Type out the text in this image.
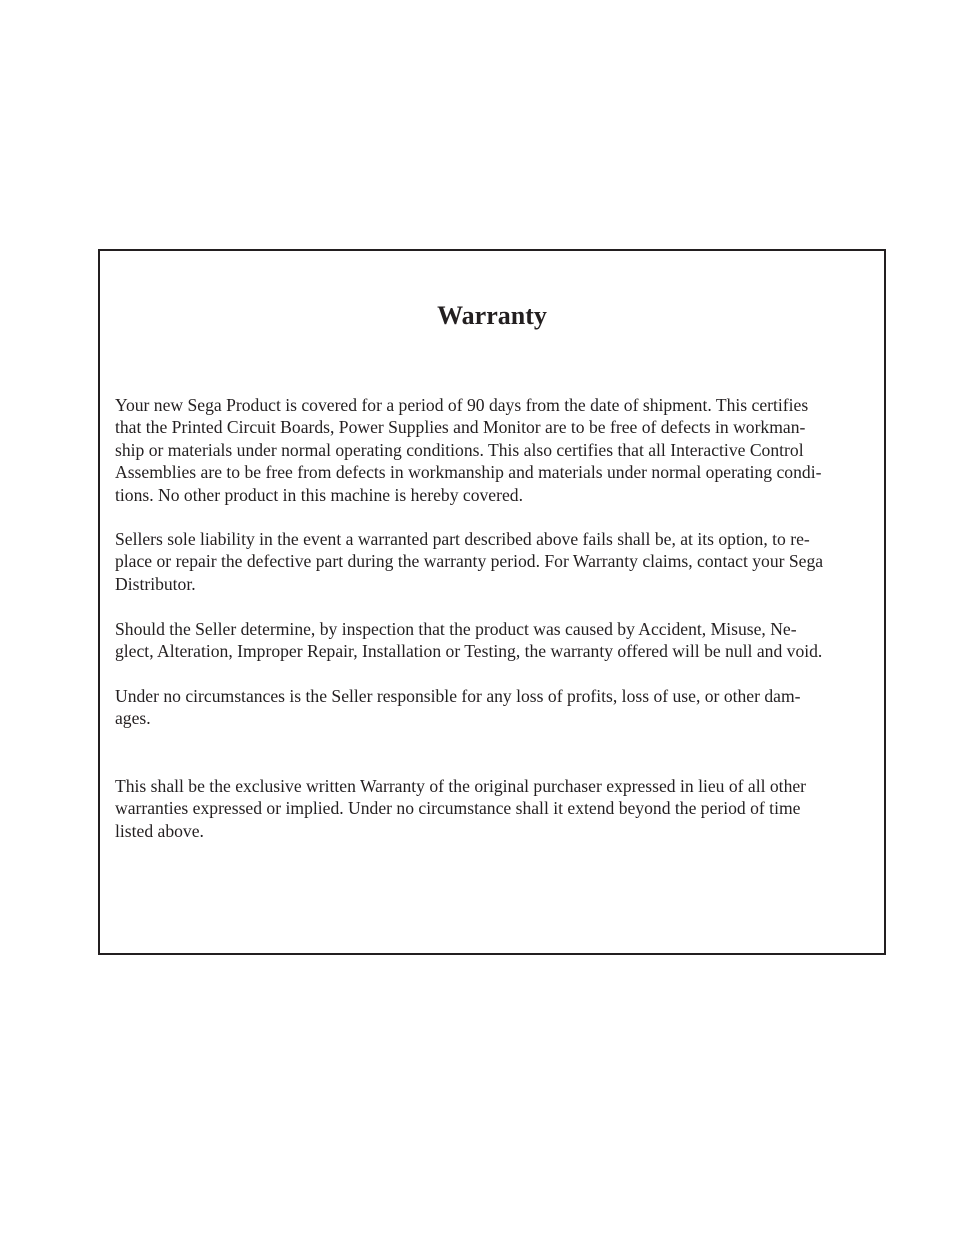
Warranty

Your new Sega Product is covered for a period of 90 days from the date of shipment. This certifies
that the Printed Circuit Boards, Power Supplies and Monitor are to be free of defects in workman-
ship or materials under normal operating conditions. This also certifies that all Interactive Control
Assemblies are to be free from defects in workmanship and materials under normal operating condi-
tions. No other product in this machine is hereby covered.

Sellers sole liability in the event a warranted part described above fails shall be, at its option, to re-
place or repair the defective part during the warranty period. For Warranty claims, contact your Sega
Distributor.

Should the Seller determine, by inspection that the product was caused by Accident, Misuse, Ne-
glect, Alteration, Improper Repair, Installation or Testing, the warranty offered will be null and void.

Under no circumstances is the Seller responsible for any loss of profits, loss of use, or other dam-
ages.

This shall be the exclusive written Warranty of the original purchaser expressed in lieu of all other
warranties expressed or implied. Under no circumstance shall it extend beyond the period of time
listed above.
